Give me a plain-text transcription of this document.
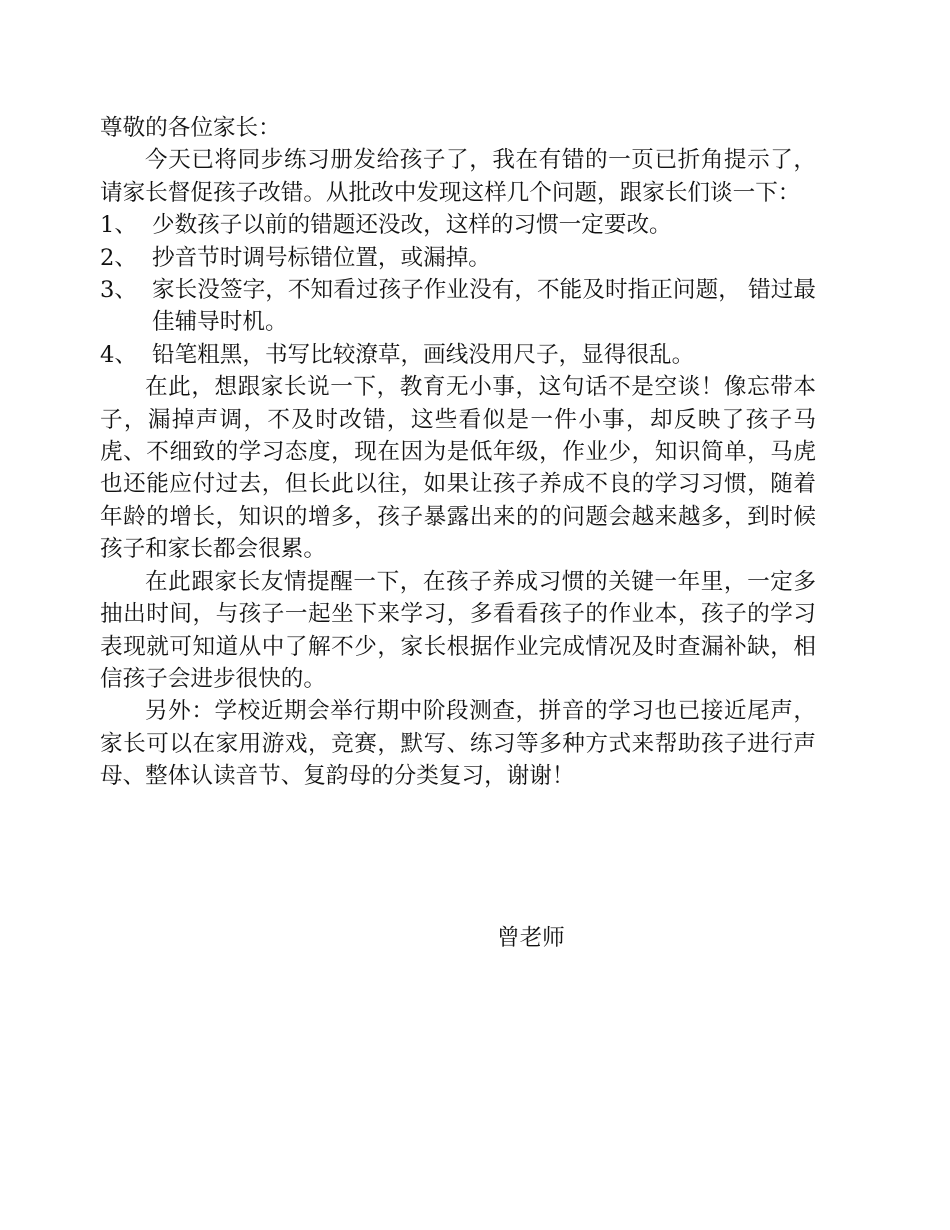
尊敬的各位家长：

今天已将同步练习册发给孩子了，我在有错的一页已折角提示了，请家长督促孩子改错。从批改中发现这样几个问题，跟家长们谈一下：

1、 少数孩子以前的错题还没改，这样的习惯一定要改。
2、 抄音节时调号标错位置，或漏掉。
3、 家长没签字，不知看过孩子作业没有，不能及时指正问题， 错过最佳辅导时机。
4、 铅笔粗黑，书写比较潦草，画线没用尺子，显得很乱。

在此，想跟家长说一下，教育无小事，这句话不是空谈！像忘带本子，漏掉声调，不及时改错，这些看似是一件小事，却反映了孩子马虎、不细致的学习态度，现在因为是低年级，作业少，知识简单，马虎也还能应付过去，但长此以往，如果让孩子养成不良的学习习惯，随着年龄的增长，知识的增多，孩子暴露出来的的问题会越来越多，到时候孩子和家长都会很累。

在此跟家长友情提醒一下，在孩子养成习惯的关键一年里，一定多抽出时间，与孩子一起坐下来学习，多看看孩子的作业本，孩子的学习表现就可知道从中了解不少，家长根据作业完成情况及时查漏补缺，相信孩子会进步很快的。

另外：学校近期会举行期中阶段测查，拼音的学习也已接近尾声，家长可以在家用游戏，竞赛，默写、练习等多种方式来帮助孩子进行声母、整体认读音节、复韵母的分类复习，谢谢！

曾老师
